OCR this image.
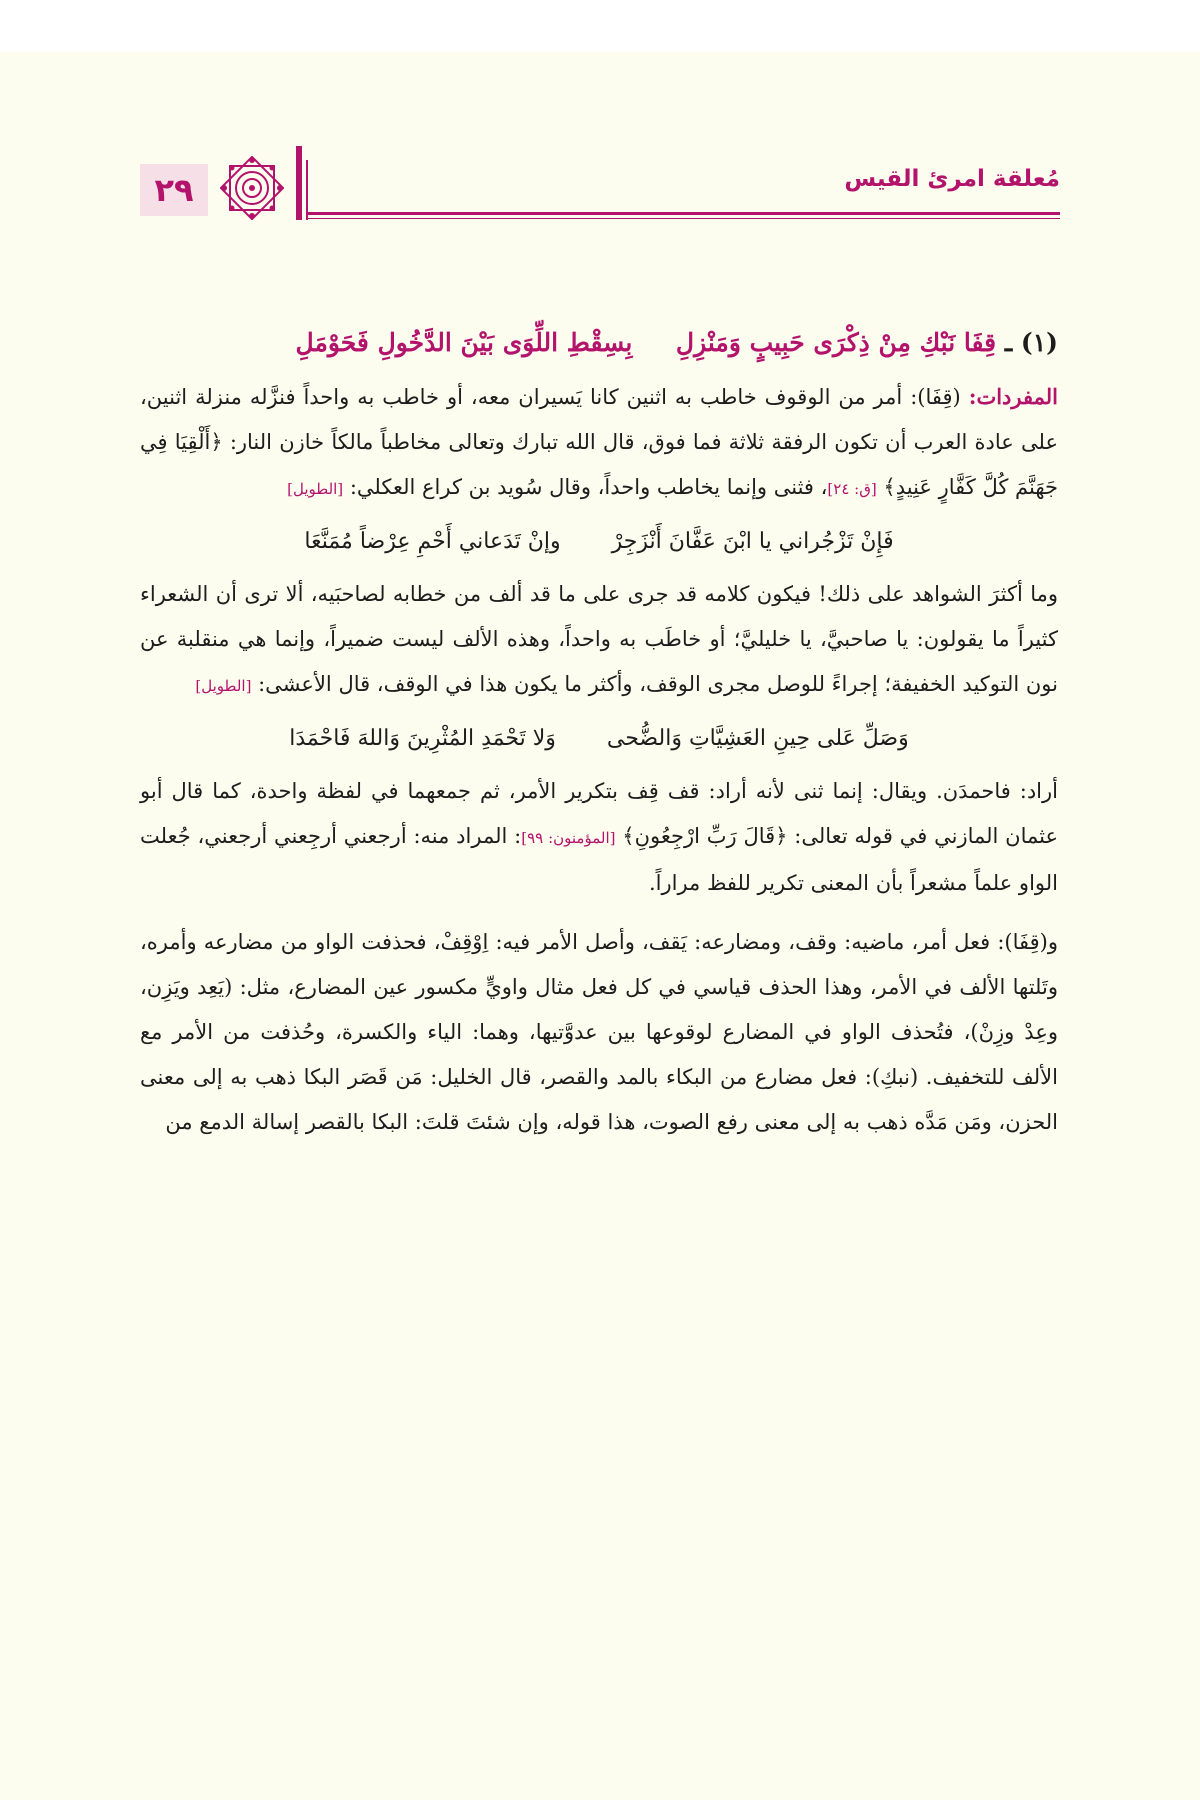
٢٩	مُعلقة امرئ القيس
(١) ـ قِفَا نَبْكِ مِنْ ذِكْرَى حَبِيبٍ وَمَنْزِلِ     بِسِقْطِ اللِّوَى بَيْنَ الدَّخُولِ فَحَوْمَلِ

المفردات: (قِفَا): أمر من الوقوف خاطب به اثنين كانا يَسيران معه، أو خاطب به واحداً فنزَّله منزلة اثنين، على عادة العرب أن تكون الرفقة ثلاثة فما فوق، قال الله تبارك وتعالى مخاطباً مالكاً خازن النار: ﴿أَلْقِيَا فِي جَهَنَّمَ كُلَّ كَفَّارٍ عَنِيدٍ﴾ [ق: ٢٤]، فثنى وإنما يخاطب واحداً، وقال سُويد بن كراع العكلي: [الطويل]

فَإِنْ تَزْجُراني يا ابْنَ عَفَّانَ أَنْزَجِرْ وإنْ تَدَعاني أَحْمِ عِرْضاً مُمَنَّعَا

وما أكثرَ الشواهد على ذلك! فيكون كلامه قد جرى على ما قد ألف من خطابه لصاحبَيه، ألا ترى أن الشعراء كثيراً ما يقولون: يا صاحبيَّ، يا خليليَّ؛ أو خاطَب به واحداً، وهذه الألف ليست ضميراً، وإنما هي منقلبة عن نون التوكيد الخفيفة؛ إجراءً للوصل مجرى الوقف، وأكثر ما يكون هذا في الوقف، قال الأعشى: [الطويل]

وَصَلِّ عَلى حِينِ العَشِيَّاتِ وَالضُّحى وَلا تَحْمَدِ المُثْرِينَ وَاللهَ فَاحْمَدَا

أراد: فاحمدَن. ويقال: إنما ثنى لأنه أراد: قف قِف بتكرير الأمر، ثم جمعهما في لفظة واحدة، كما قال أبو عثمان المازني في قوله تعالى: ﴿قَالَ رَبِّ ارْجِعُونِ﴾ [المؤمنون: ٩٩]: المراد منه: أرجعني أرجِعني أرجعني، جُعلت الواو علماً مشعراً بأن المعنى تكرير للفظ مراراً.

و(قِفَا): فعل أمر، ماضيه: وقف، ومضارعه: يَقف، وأصل الأمر فيه: اِوْقِفْ، فحذفت الواو من مضارعه وأمره، وتَلتها الألف في الأمر، وهذا الحذف قياسي في كل فعل مثال واويٍّ مكسور عين المضارع، مثل: (يَعِد ويَزِن، وعِدْ وزِنْ)، فتُحذف الواو في المضارع لوقوعها بين عدوَّتيها، وهما: الياء والكسرة، وحُذفت من الأمر مع الألف للتخفيف. (نبكِ): فعل مضارع من البكاء بالمد والقصر، قال الخليل: مَن قَصَر البكا ذهب به إلى معنى الحزن، ومَن مَدَّه ذهب به إلى معنى رفع الصوت، هذا قوله، وإن شئتَ قلتَ: البكا بالقصر إسالة الدمع من
